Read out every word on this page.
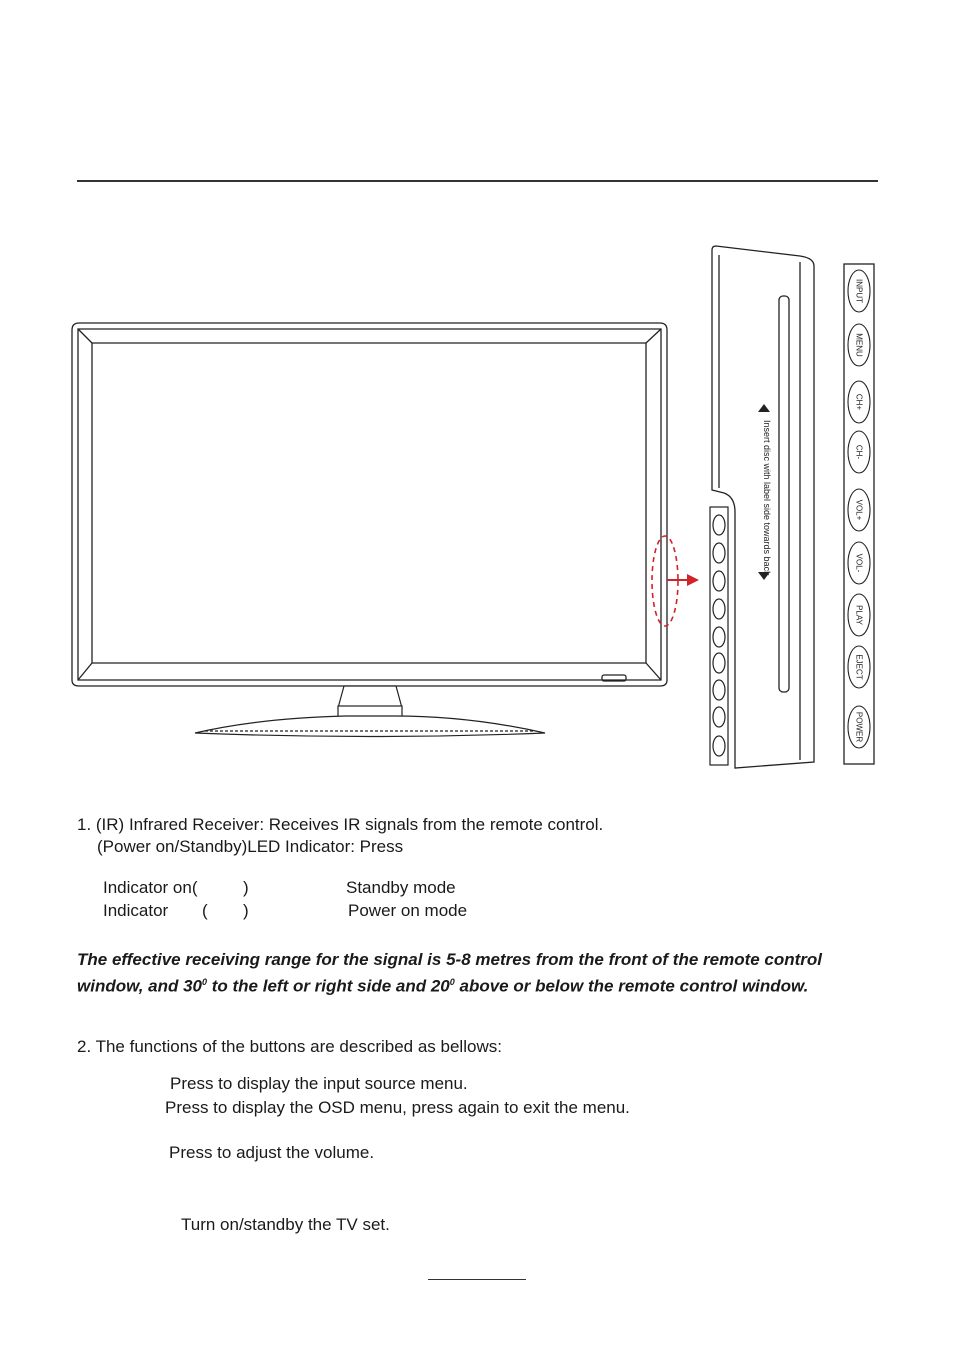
Insert disc with label side towards back
INPUT
MENU
CH+
CH-
VOL+
VOL-
PLAY
EJECT
POWER
1. (IR) Infrared Receiver: Receives IR signals from the remote control.
(Power on/Standby)LED Indicator: Press
Indicator on(	)	Standby mode
Indicator ( )	Power on mode
The effective receiving range for the signal is 5-8 metres from the front of the remote control window, and $30^0$ to the left or right side and $20^0$ above or below the remote control window.
2. The functions of the buttons are described as bellows:
Press to display the input source menu.
Press to display the OSD menu, press again to exit the menu.
Press to adjust the volume.
Turn on/standby the TV set.
